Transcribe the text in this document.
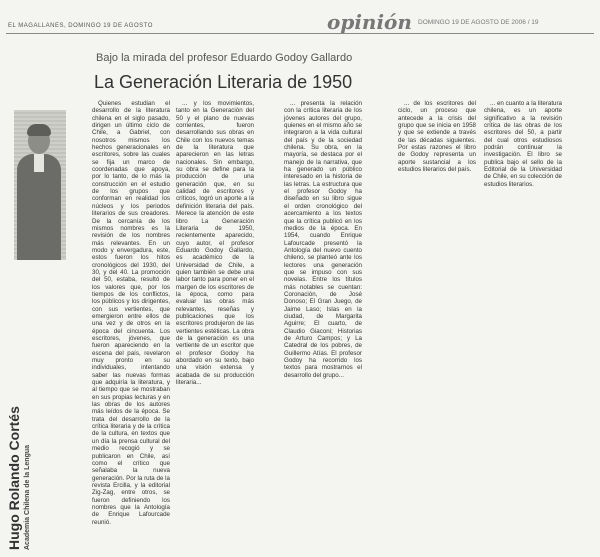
EL MAGALLANES, DOMINGO 19 DE AGOSTO	opinión DOMINGO 19 DE AGOSTO DE 2006 / 19
Bajo la mirada del profesor Eduardo Godoy Gallardo
La Generación Literaria de 1950
Hugo Rolando Cortés Academia Chilena de la Lengua

Quienes estudian el desarrollo de la literatura chilena en el siglo pasado, dirigen un último ciclo de Chile, a Gabriel, con nosotros mismos los hechos generacionales en escritores, sobre las cuales se fija un marco de coordenadas que apoya, por lo tanto, de lo más la construcción en el estudio de los grupos que conforman en realidad los núcleos y los periodos literarios de sus creadores. De la cercanía de los mismos nombres es la revisión de los nombres más relevantes. En un modo y envergadura, este, estos fueron los hitos cronológicos del 1930, del 30, y del 40. La promoción del 50, estaba, resultó de los valores que, por los tiempos de los conflictos, los públicos y los dirigentes, con sus vertientes, que emergieron entre ellos de una vez y de otros en la época del cincuenta. Los escritores, jóvenes, que fueron apareciendo en la escena del país, revelaron muy pronto en su individuales, intentando saber las nuevas formas que adquiría la literatura, y al tiempo que se mostraban en sus propias lecturas y en las obras de los autores más leídos de la época. Se trata del desarrollo de la crítica literaria y de la crítica de la cultura, en textos que un día la prensa cultural del medio recogió y se publicaron en Chile, así como el crítico que señalaba la nueva generación. Por la ruta de la revista Ercilla, y la editorial Zig-Zag, entre otros, se fueron definiendo los nombres que la Antología de Enrique Lafourcade reunió.

... y los movimientos, tanto en la Generación del 50 y el plano de nuevas corrientes, fueron desarrollando sus obras en Chile con los nuevos temas de la literatura que aparecieron en las letras nacionales. Sin embargo, su obra se define para la producción de una generación que, en su calidad de escritores y críticos, logró un aporte a la definición literaria del país. Merece la atención de este libro La Generación Literaria de 1950, recientemente aparecido, cuyo autor, el profesor Eduardo Godoy Gallardo, es académico de la Universidad de Chile, a quien también se debe una labor tanto para poner en el margen de los escritores de la época, como para evaluar las obras más relevantes, reseñas y publicaciones que los escritores produjeron de las vertientes estéticas. La obra de la generación es una vertiente de un escritor que el profesor Godoy ha abordado en su texto, bajo una visión extensa y acabada de su producción literaria...

... presenta la relación con la crítica literaria de los jóvenes autores del grupo, quienes en el mismo año se integraron a la vida cultural del país y de la sociedad chilena. Su obra, en la mayoría, se destaca por el manejo de la narrativa, que ha generado un público interesado en la historia de las letras. La estructura que el profesor Godoy ha diseñado en su libro sigue el orden cronológico del acercamiento a los textos que la crítica publicó en los medios de la época. En 1954, cuando Enrique Lafourcade presentó la Antología del nuevo cuento chileno, se planteó ante los lectores una generación que se impuso con sus novelas. Entre los títulos más notables se cuentan: Coronación, de José Donoso; El Gran Juego, de Jaime Laso; Islas en la ciudad, de Margarita Aguirre; El cuarto, de Claudio Giaconi; Historias de Arturo Campos; y La Catedral de los pobres, de Guillermo Atías. El profesor Godoy ha recorrido los textos para mostrarnos el desarrollo del grupo...

... de los escritores del ciclo, un proceso que antecede a la crisis del grupo que se inicia en 1958 y que se extiende a través de las décadas siguientes. Por estas razones el libro de Godoy representa un aporte sustancial a los estudios literarios del país.

... en cuanto a la literatura chilena, es un aporte significativo a la revisión crítica de las obras de los escritores del 50, a partir del cual otros estudiosos podrán continuar la investigación. El libro se publica bajo el sello de la Editorial de la Universidad de Chile, en su colección de estudios literarios.
